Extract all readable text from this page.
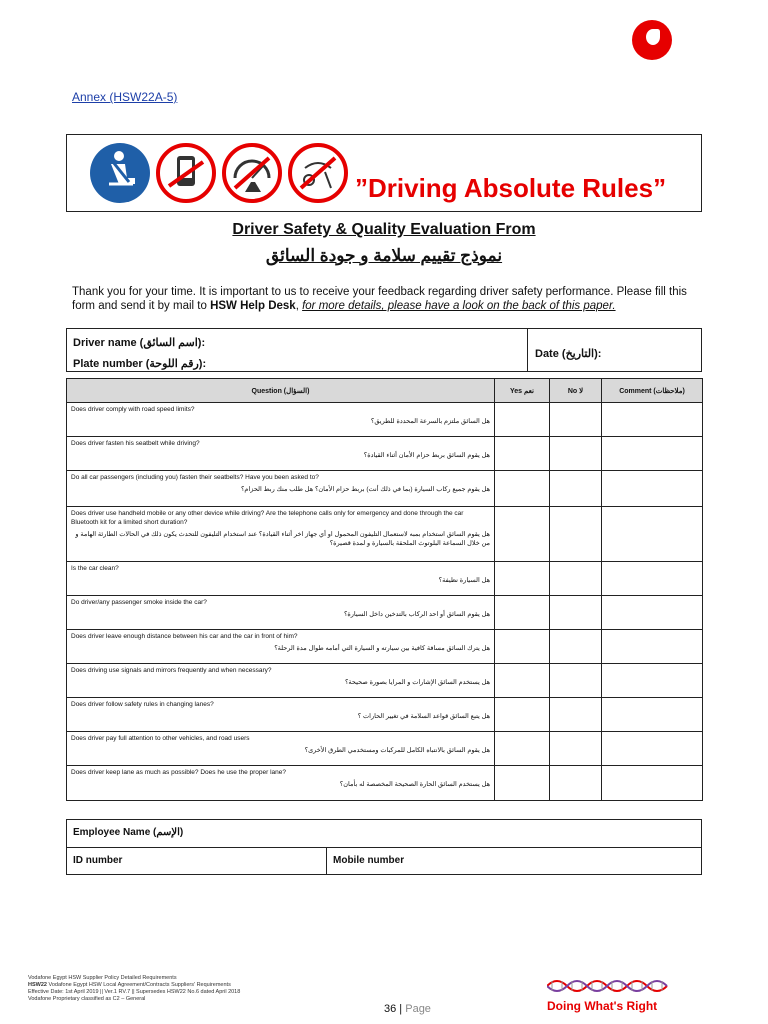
Annex (HSW22A-5)
”Driving Absolute Rules”
Driver Safety & Quality Evaluation From
نموذج تقييم سلامة و جودة السائق
Thank you for your time. It is important to us to receive your feedback regarding driver safety performance. Please fill this form and send it by mail to HSW Help Desk, for more details, please have a look on the back of this paper.
Driver name (اسم السائق):
Plate number (رقم اللوحة):
Date (التاريخ):
Question (السؤال)	Yes نعم	No لا	Comment (ملاحظات)

Does driver comply with road speed limits?
هل السائق ملتزم بالسرعة المحددة للطريق؟			

Does driver fasten his seatbelt while driving?
هل يقوم السائق بربط حزام الأمان أثناء القيادة؟			

Do all car passengers (including you) fasten their seatbelts? Have you been asked to?
هل يقوم جميع ركاب السيارة (بما في ذلك أنت) بربط حزام الأمان؟ هل طلب منك ربط الحزام؟			

Does driver use handheld mobile or any other device while driving? Are the telephone calls only for emergency and done through the car Bluetooth kit for a limited short duration?
هل يقوم السائق استخدام بمبه لاستعمال التليفون المحمول او أي جهاز اخر أثناء القيادة؟ عند استخدام التليفون للتحدث يكون ذلك في الحالات الطارئة الهامة و من خلال السماعة البلوتوث الملحقة بالسيارة و لمدة قصيرة؟			

Is the car clean?
هل السيارة نظيفة؟			

Do driver/any passenger smoke inside the car?
هل يقوم السائق أو احد الركاب بالتدخين داخل السيارة؟			

Does driver leave enough distance between his car and the car in front of him?
هل يترك السائق مسافة كافية بين سيارته و السيارة التي أمامه طوال مدة الرحلة؟			

Does driving use signals and mirrors frequently and when necessary?
هل يستخدم السائق الإشارات و المرايا بصورة صحيحة؟			

Does driver follow safety rules in changing lanes?
هل يتبع السائق قواعد السلامة في تغيير الحارات ؟			

Does driver pay full attention to other vehicles, and road users
هل يقوم السائق بالانتباه الكامل للمركبات ومستخدمي الطرق الأخرى؟			

Does driver keep lane as much as possible? Does he use the proper lane?
هل يستخدم السائق الحارة الصحيحة المخصصة له بأمان؟			

Employee Name (الإسم)
ID number	Mobile number
Vodafone Egypt HSW Supplier Policy Detailed Requirements
HSW22 Vodafone Egypt HSW Local Agreement/Contracts Suppliers' Requirements
Effective Date: 1st April 2019 || Ver.1 RV.7 || Supersedes HSW22 No.6 dated April 2018
Vodafone Proprietary classified as C2 – General
36 | Page	Doing What's Right
